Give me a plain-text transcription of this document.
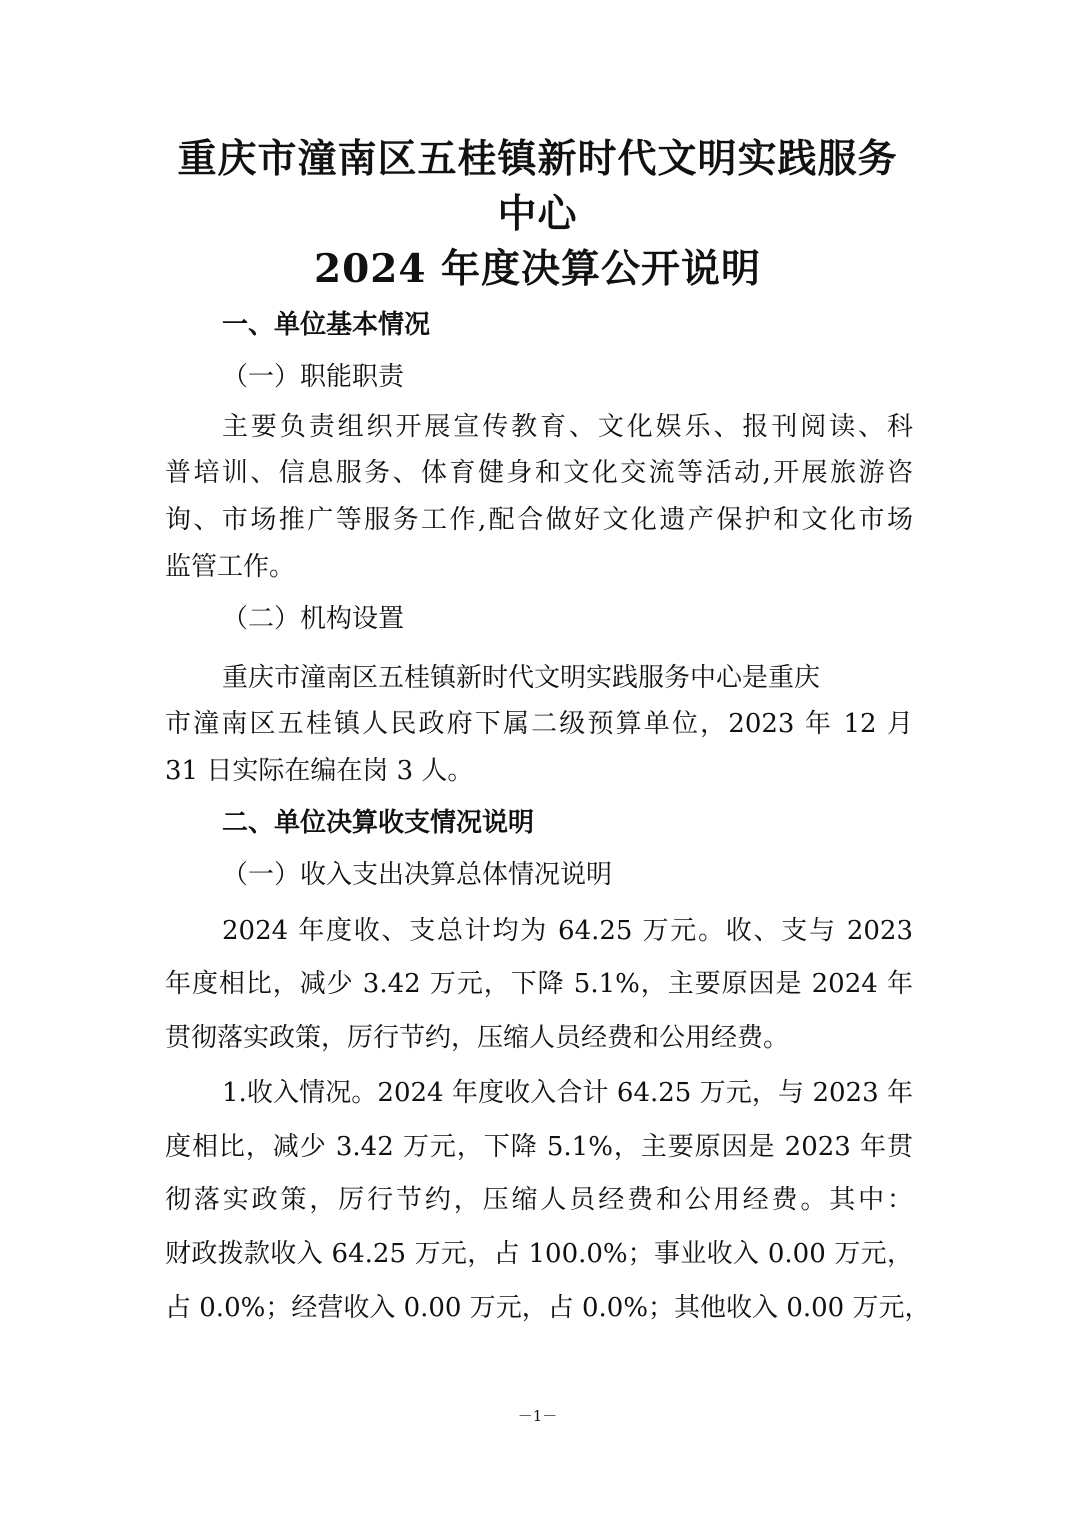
重庆市潼南区五桂镇新时代文明实践服务
中心
2024 年度决算公开说明
一、单位基本情况
（一）职能职责
主要负责组织开展宣传教育、文化娱乐、报刊阅读、科
普培训、信息服务、体育健身和文化交流等活动,开展旅游咨
询、市场推广等服务工作,配合做好文化遗产保护和文化市场
监管工作。
（二）机构设置
重庆市潼南区五桂镇新时代文明实践服务中心是重庆
市潼南区五桂镇人民政府下属二级预算单位，2023 年 12 月
31 日实际在编在岗 3 人。
二、单位决算收支情况说明
（一）收入支出决算总体情况说明
2024 年度收、支总计均为 64.25 万元。收、支与 2023
年度相比，减少 3.42 万元，下降 5.1%，主要原因是 2024 年
贯彻落实政策，厉行节约，压缩人员经费和公用经费。
1.收入情况。2024 年度收入合计 64.25 万元，与 2023 年
度相比，减少 3.42 万元，下降 5.1%，主要原因是 2023 年贯
彻落实政策，厉行节约，压缩人员经费和公用经费。其中：
财政拨款收入 64.25 万元，占 100.0%；事业收入 0.00 万元，
占 0.0%；经营收入 0.00 万元，占 0.0%；其他收入 0.00 万元，
－1－
